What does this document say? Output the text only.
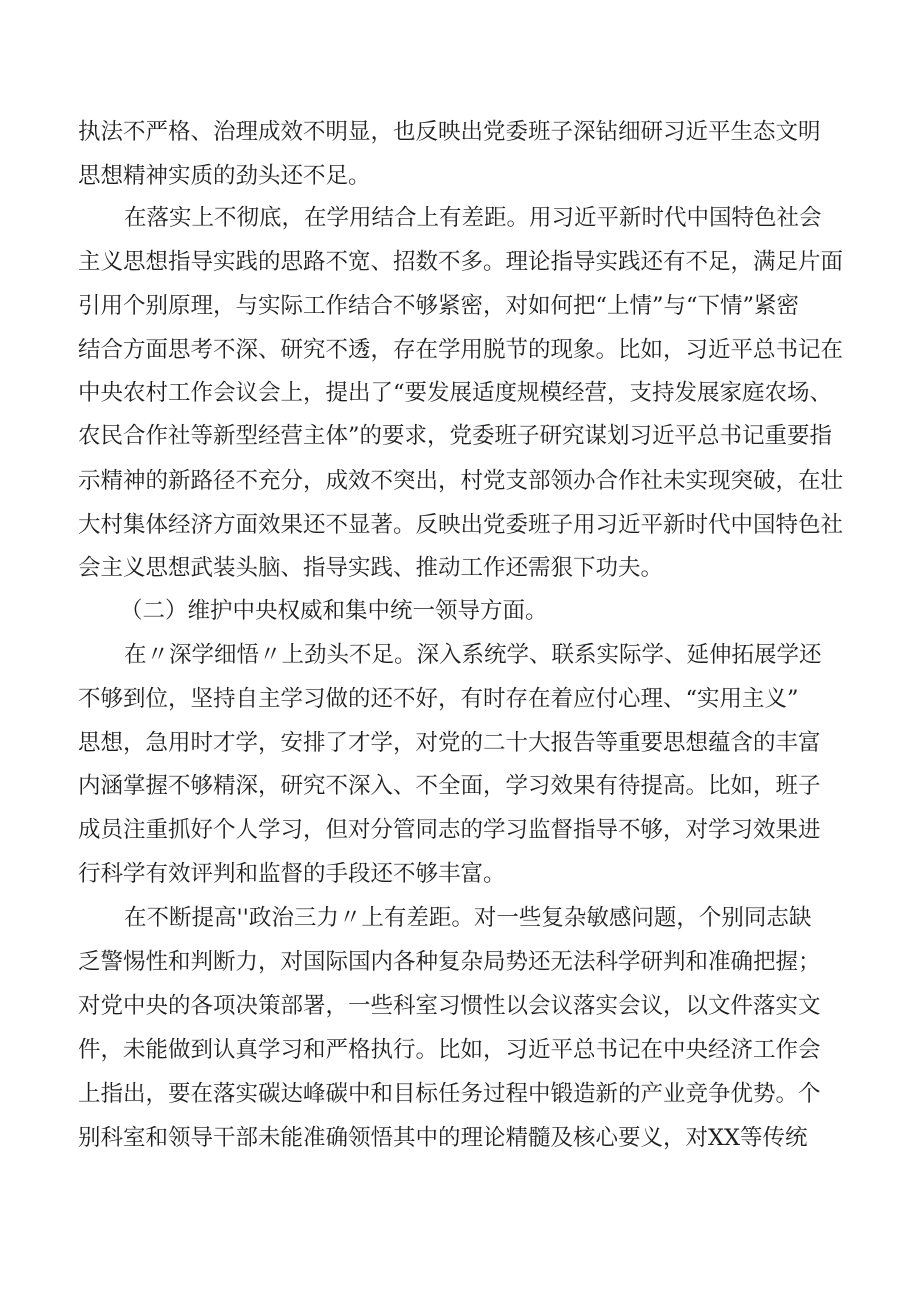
执法不严格、治理成效不明显，也反映出党委班子深钻细研习近平生态文明

思想精神实质的劲头还不足。

在落实上不彻底，在学用结合上有差距。用习近平新时代中国特色社会

主义思想指导实践的思路不宽、招数不多。理论指导实践还有不足，满足片面

引用个别原理，与实际工作结合不够紧密，对如何把“上情”与“下情”紧密

结合方面思考不深、研究不透，存在学用脱节的现象。比如，习近平总书记在

中央农村工作会议会上，提出了“要发展适度规模经营，支持发展家庭农场、

农民合作社等新型经营主体”的要求，党委班子研究谋划习近平总书记重要指

示精神的新路径不充分，成效不突出，村党支部领办合作社未实现突破，在壮

大村集体经济方面效果还不显著。反映出党委班子用习近平新时代中国特色社

会主义思想武装头脑、指导实践、推动工作还需狠下功夫。

（二）维护中央权威和集中统一领导方面。

在〃深学细悟〃上劲头不足。深入系统学、联系实际学、延伸拓展学还

不够到位，坚持自主学习做的还不好，有时存在着应付心理、“实用主义”

思想，急用时才学，安排了才学，对党的二十大报告等重要思想蕴含的丰富

内涵掌握不够精深，研究不深入、不全面，学习效果有待提高。比如，班子

成员注重抓好个人学习，但对分管同志的学习监督指导不够，对学习效果进

行科学有效评判和监督的手段还不够丰富。

在不断提高''政治三力〃上有差距。对一些复杂敏感问题，个别同志缺

乏警惕性和判断力，对国际国内各种复杂局势还无法科学研判和准确把握；

对党中央的各项决策部署，一些科室习惯性以会议落实会议，以文件落实文

件，未能做到认真学习和严格执行。比如，习近平总书记在中央经济工作会

上指出，要在落实碳达峰碳中和目标任务过程中锻造新的产业竞争优势。个

别科室和领导干部未能准确领悟其中的理论精髓及核心要义，对XX等传统
